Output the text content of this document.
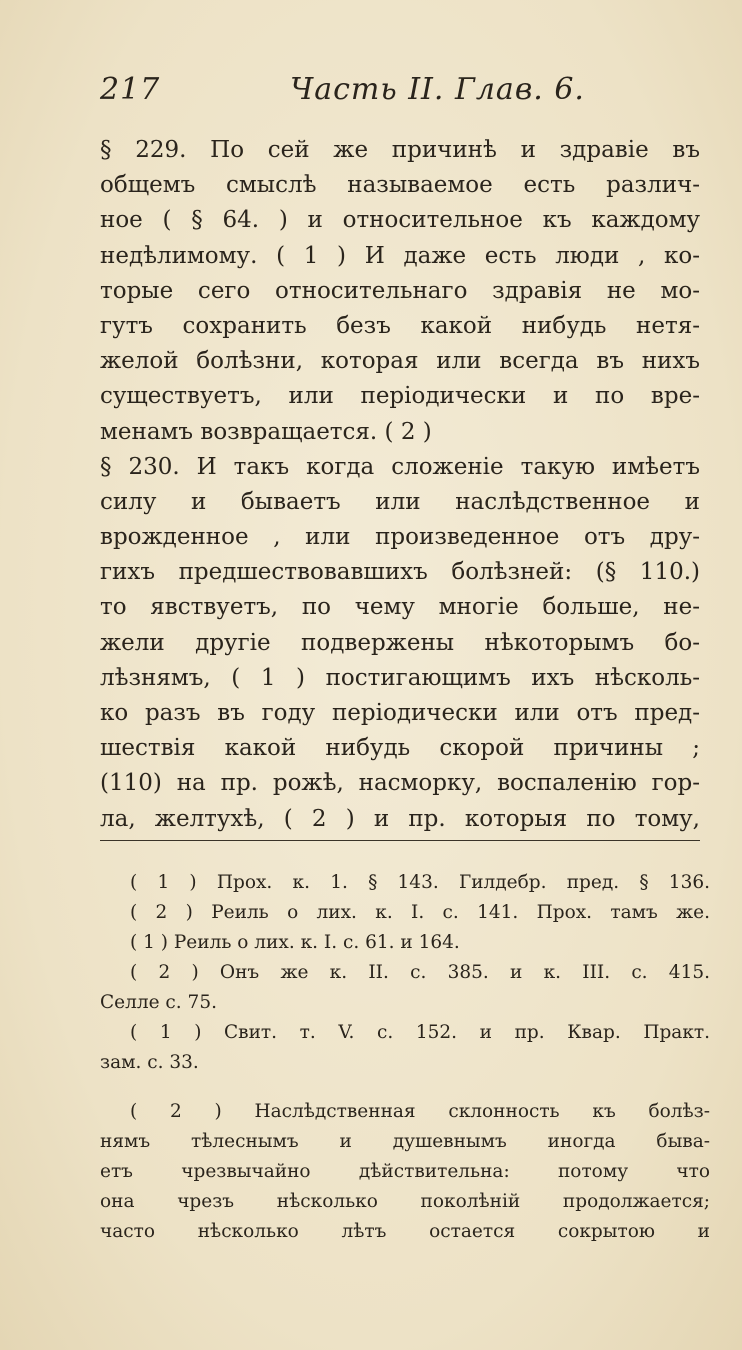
217	Часть II. Глав. 6.
§ 229. По сей же причинѣ и здравіе въ
общемъ смыслѣ называемое есть различ-
ное ( § 64. ) и относительное къ каждому
недѣлимому. ( 1 ) И даже есть люди , ко-
торые сего относительнаго здравія не мо-
гутъ сохранить безъ какой нибудь нетя-
желой болѣзни, которая или всегда въ нихъ
существуетъ, или періодически и по вре-
менамъ возвращается. ( 2 )
§ 230. И такъ когда сложеніе такую имѣетъ
силу и бываетъ или наслѣдственное и
врожденное , или произведенное отъ дру-
гихъ предшествовавшихъ болѣзней: (§ 110.)
то явствуетъ, по чему многіе больше, не-
жели другіе подвержены нѣкоторымъ бо-
лѣзнямъ, ( 1 ) постигающимъ ихъ нѣсколь-
ко разъ въ году періодически или отъ пред-
шествія какой нибудь скорой причины ;
(110) на пр. рожѣ, насморку, воспаленію гор-
ла, желтухѣ, ( 2 ) и пр. которыя по тому,
( 1 ) Прох. к. 1. § 143. Гилдебр. пред. § 136.
( 2 ) Реиль о лих. к. I. с. 141. Прох. тамъ же.
( 1 ) Реиль о лих. к. I. с. 61. и 164.
( 2 ) Онъ же к. II. с. 385. и к. III. с. 415.
Селле с. 75.
( 1 ) Свит. т. V. с. 152. и пр. Квар. Практ.
зам. с. 33.
( 2 ) Наслѣдственная склонность къ болѣз-
нямъ тѣлеснымъ и душевнымъ иногда быва-
етъ чрезвычайно дѣйствительна: потому что
она чрезъ нѣсколько поколѣній продолжается;
часто нѣсколько лѣтъ остается сокрытою и
